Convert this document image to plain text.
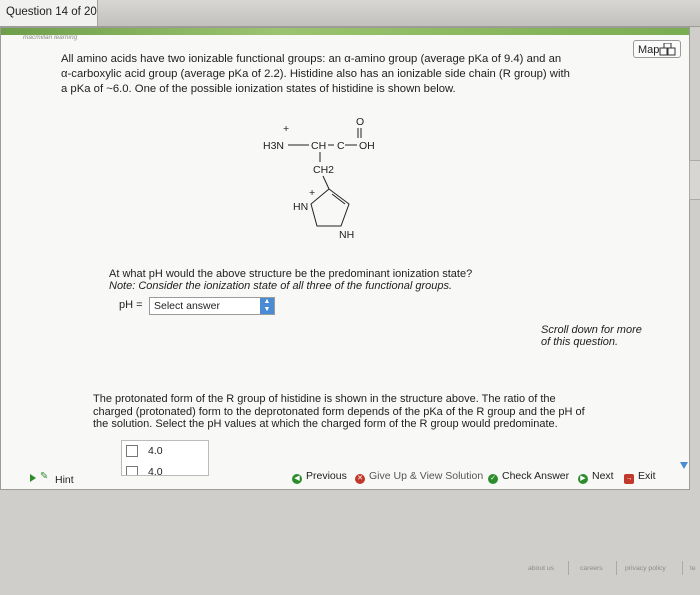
Question 14 of 20
macmillan learning
Map
All amino acids have two ionizable functional groups: an α-amino group (average pKa of 9.4) and an
α-carboxylic acid group (average pKa of 2.2). Histidine also has an ionizable side chain (R group) with
a pKa of ~6.0. One of the possible ionization states of histidine is shown below.
O
+
H3N	CH C OH
CH2
+
HN
NH
At what pH would the above structure be the predominant ionization state?
Note: Consider the ionization state of all three of the functional groups.
pH =	Select answer	▲
▼
Scroll down for more
of this question.
The protonated form of the R group of histidine is shown in the structure above. The ratio of the
charged (protonated) form to the deprotonated form depends of the pKa of the R group and the pH of
the solution. Select the pH values at which the charged form of the R group would predominate.
4.0
4.0
✎ Hint	◀ Previous ✕ Give Up & View Solution ✓ Check Answer	▶ Next → Exit
about us	careers	privacy policy	te
